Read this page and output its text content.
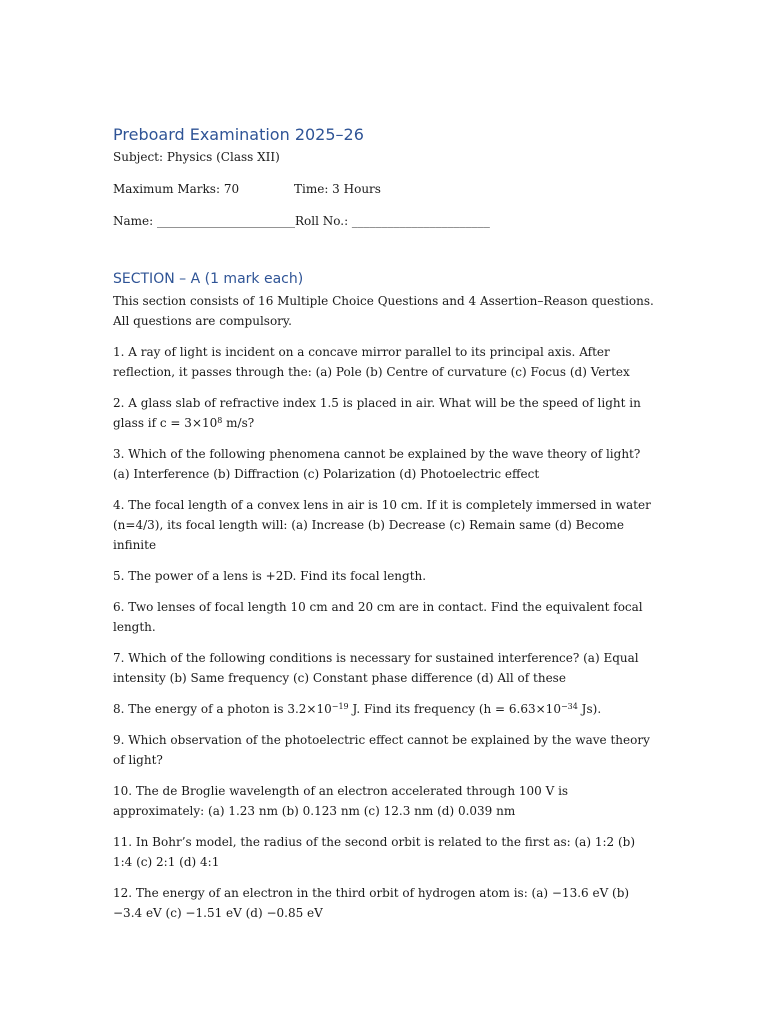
Preboard Examination 2025–26

Subject: Physics (Class XII)

Maximum Marks: 70	Time: 3 Hours
Name: _______________________ Roll No.: _______________________
SECTION – A (1 mark each)

This section consists of 16 Multiple Choice Questions and 4 Assertion–Reason questions. All questions are compulsory.

1. A ray of light is incident on a concave mirror parallel to its principal axis. After reflection, it passes through the: (a) Pole (b) Centre of curvature (c) Focus (d) Vertex

2. A glass slab of refractive index 1.5 is placed in air. What will be the speed of light in glass if $c = 3\times 10^8$ m/s?

3. Which of the following phenomena cannot be explained by the wave theory of light? (a) Interference (b) Diffraction (c) Polarization (d) Photoelectric effect

4. The focal length of a convex lens in air is 10 cm. If it is completely immersed in water (n=4/3), its focal length will: (a) Increase (b) Decrease (c) Remain same (d) Become infinite

5. The power of a lens is +2D. Find its focal length.

6. Two lenses of focal length 10 cm and 20 cm are in contact. Find the equivalent focal length.

7. Which of the following conditions is necessary for sustained interference? (a) Equal intensity (b) Same frequency (c) Constant phase difference (d) All of these

8. The energy of a photon is $3.2\times 10^{-19}$ J. Find its frequency ($h = 6.63\times 10^{-34}$ Js).

9. Which observation of the photoelectric effect cannot be explained by the wave theory of light?

10. The de Broglie wavelength of an electron accelerated through 100 V is approximately: (a) 1.23 nm (b) 0.123 nm (c) 12.3 nm (d) 0.039 nm

11. In Bohr’s model, the radius of the second orbit is related to the first as: (a) 1:2 (b) 1:4 (c) 2:1 (d) 4:1

12. The energy of an electron in the third orbit of hydrogen atom is: (a) −13.6 eV (b) −3.4 eV (c) −1.51 eV (d) −0.85 eV
